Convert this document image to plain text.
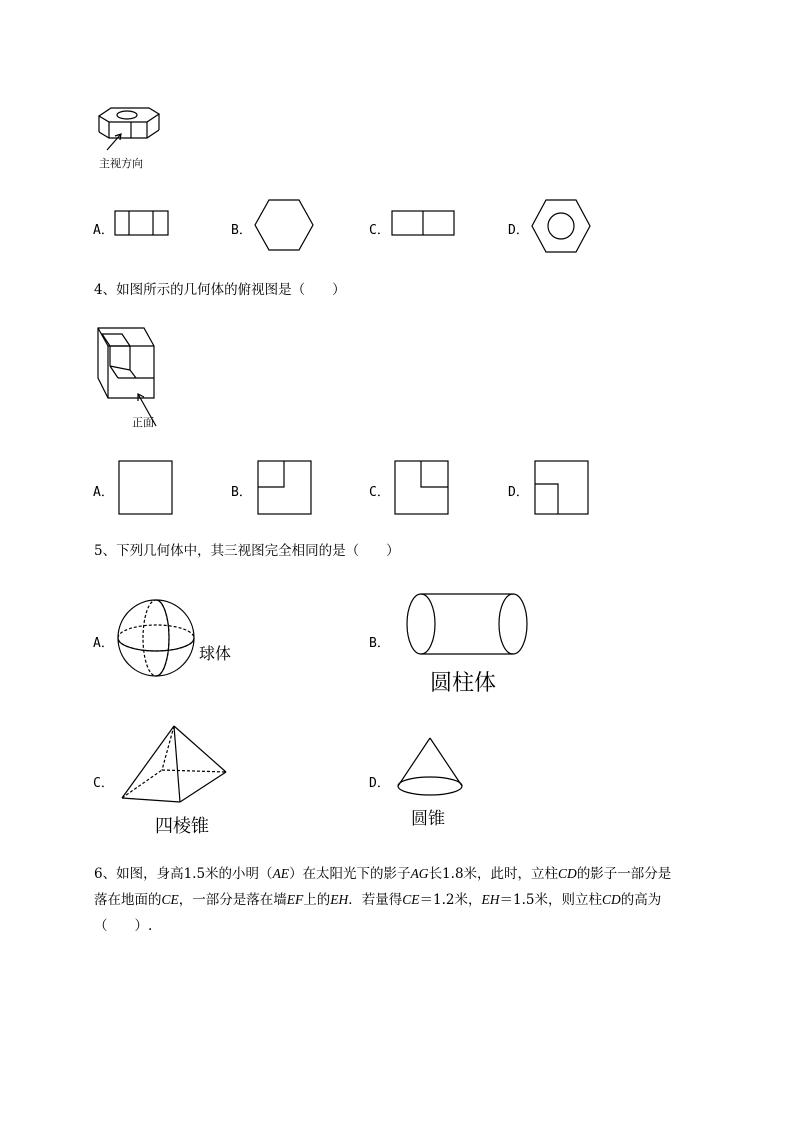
主视方向
A．	B．	C．	D．
4、如图所示的几何体的俯视图是（　　）
正面
A．	B．	C．	D．
5、下列几何体中，其三视图完全相同的是（　　）
A．
球体
B．
圆柱体
C．
四棱锥
D．
圆锥
6、如图，身高1.5米的小明（AE）在太阳光下的影子AG长1.8米，此时，立柱CD的影子一部分是
落在地面的CE，一部分是落在墙EF上的EH．若量得CE＝1.2米，EH＝1.5米，则立柱CD的高为
（　　）.
